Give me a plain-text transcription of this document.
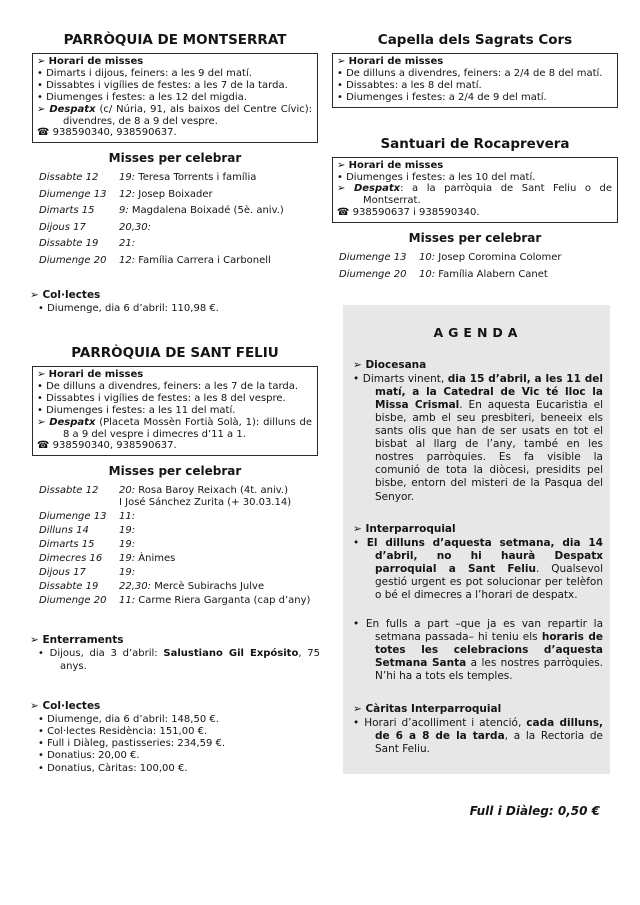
PARRÒQUIA DE MONTSERRAT
➢ Horari de misses
• Dimarts i dijous, feiners: a les 9 del matí.
• Dissabtes i vigílies de festes: a les 7 de la tarda.
• Diumenges i festes: a les 12 del migdia.
➢ Despatx (c/ Núria, 91, als baixos del Centre Cívic): divendres, de 8 a 9 del vespre.
☎ 938590340, 938590637.
Misses per celebrar
Dissabte 12	19: Teresa Torrents i família
Diumenge 13	12: Josep Boixader
Dimarts 15	9: Magdalena Boixadé (5è. aniv.)
Dijous 17	20,30:
Dissabte 19	21:
Diumenge 20	12: Família Carrera i Carbonell
➢ Col·lectes
• Diumenge, dia 6 d’abril: 110,98 €.
PARRÒQUIA DE SANT FELIU
➢ Horari de misses
• De dilluns a divendres, feiners: a les 7 de la tarda.
• Dissabtes i vigílies de festes: a les 8 del vespre.
• Diumenges i festes: a les 11 del matí.
➢ Despatx (Placeta Mossèn Fortià Solà, 1): dilluns de 8 a 9 del vespre i dimecres d’11 a 1.
☎ 938590340, 938590637.
Misses per celebrar
Dissabte 12	20: Rosa Baroy Reixach (4t. aniv.)
I José Sánchez Zurita (+ 30.03.14)
Diumenge 13	11:
Dilluns 14	19:
Dimarts 15	19:
Dimecres 16	19: Ànimes
Dijous 17	19:
Dissabte 19	22,30: Mercè Subirachs Julve
Diumenge 20	11: Carme Riera Garganta (cap d’any)
➢ Enterraments
• Dijous, dia 3 d’abril: Salustiano Gil Expósito, 75 anys.
➢ Col·lectes
• Diumenge, dia 6 d’abril: 148,50 €.
• Col·lectes Residència: 151,00 €.
• Full i Diàleg, pastisseries: 234,59 €.
• Donatius: 20,00 €.
• Donatius, Càritas: 100,00 €.
Capella dels Sagrats Cors
➢ Horari de misses
• De dilluns a divendres, feiners: a 2/4 de 8 del matí.
• Dissabtes: a les 8 del matí.
• Diumenges i festes: a 2/4 de 9 del matí.
Santuari de Rocaprevera
➢ Horari de misses
• Diumenges i festes: a les 10 del matí.
➢ Despatx: a la parròquia de Sant Feliu o de Montserrat.
☎ 938590637 i 938590340.
Misses per celebrar
Diumenge 13	10: Josep Coromina Colomer
Diumenge 20	10: Família Alabern Canet
AGENDA
➢ Diocesana
• Dimarts vinent, dia 15 d’abril, a les 11 del matí, a la Catedral de Vic té lloc la Missa Crismal. En aquesta Eucaristia el bisbe, amb el seu presbiteri, beneeix els sants olis que han de ser usats en tot el bisbat al llarg de l’any, també en les nostres parròquies. Es fa visible la comunió de tota la diòcesi, presidits pel bisbe, entorn del misteri de la Pasqua del Senyor.
➢ Interparroquial
• El dilluns d’aquesta setmana, dia 14 d’abril, no hi haurà Despatx parroquial a Sant Feliu. Qualsevol gestió urgent es pot solucionar per telèfon o bé el dimecres a l’horari de despatx.
• En fulls a part –que ja es van repartir la setmana passada– hi teniu els horaris de totes les celebracions d’aquesta Setmana Santa a les nostres parròquies. N’hi ha a tots els temples.
➢ Càritas Interparroquial
• Horari d’acolliment i atenció, cada dilluns, de 6 a 8 de la tarda, a la Rectoria de Sant Feliu.
Full i Diàleg: 0,50 €
